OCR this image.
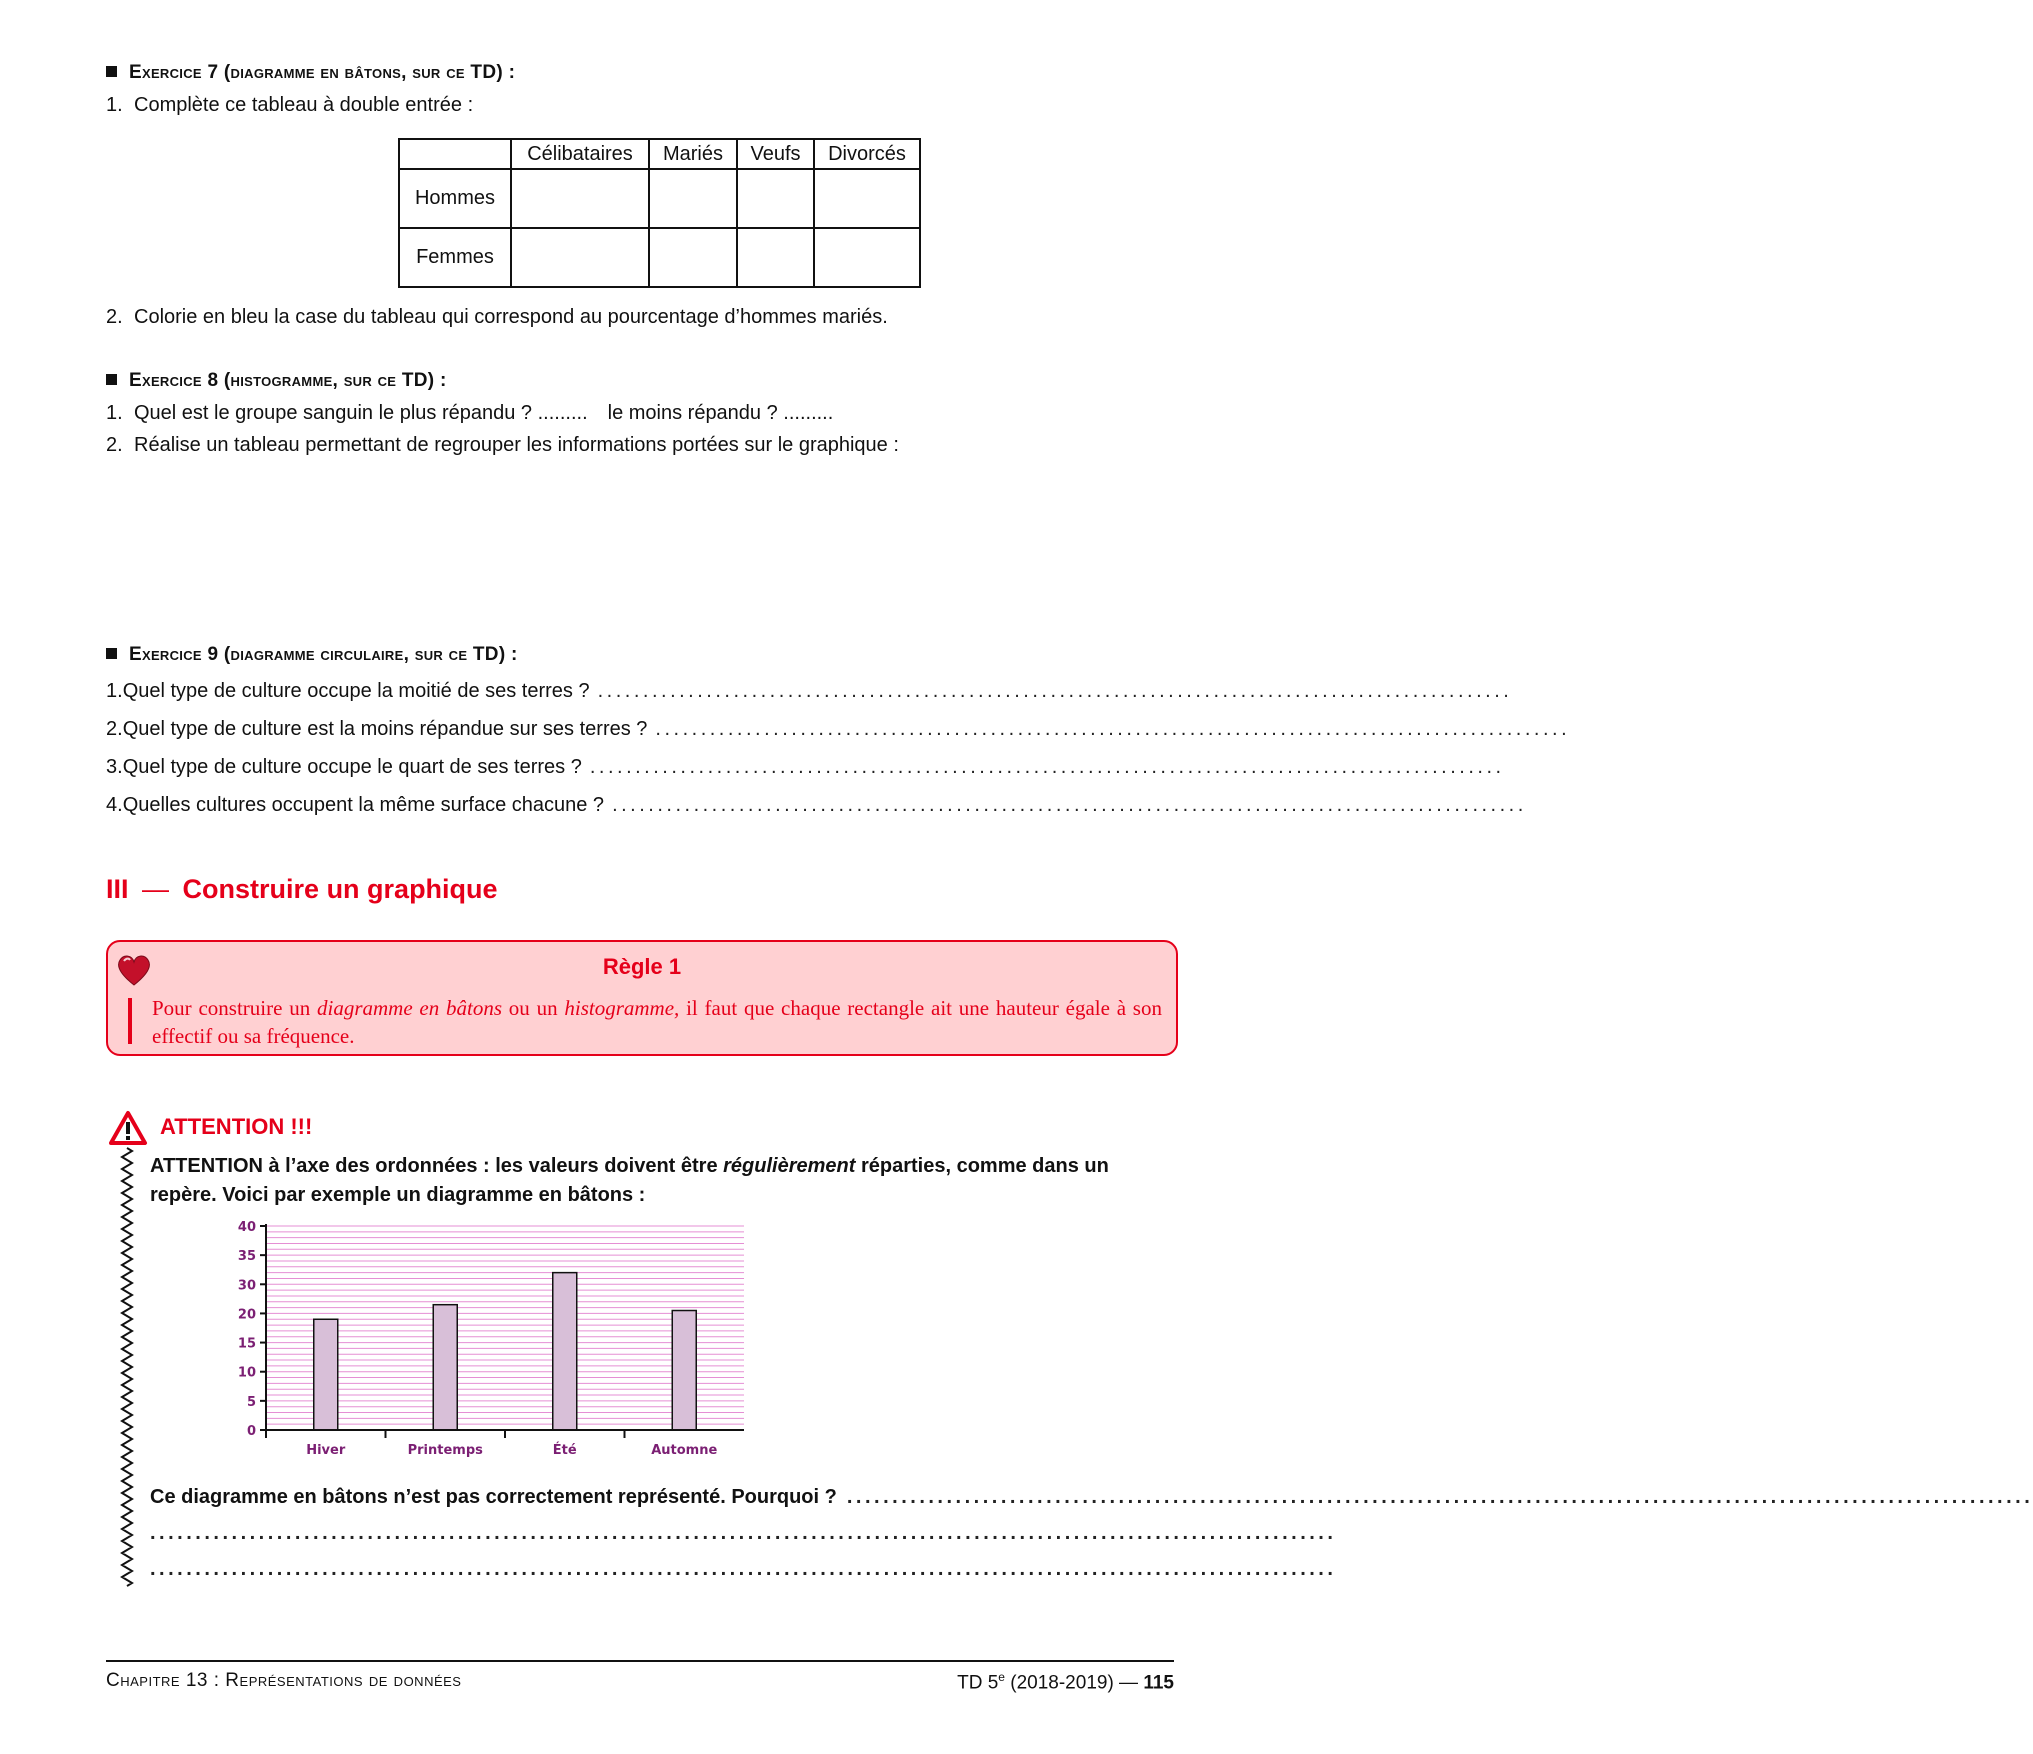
Exercice 7 (diagramme en bâtons, sur ce TD) :
1. Complète ce tableau à double entrée :
	Célibataires	Mariés	Veufs	Divorcés
Hommes				
Femmes				
2. Colorie en bleu la case du tableau qui correspond au pourcentage d’hommes mariés.
Exercice 8 (histogramme, sur ce TD) :
1. Quel est le groupe sanguin le plus répandu ? ......... le moins répandu ? .........
2. Réalise un tableau permettant de regrouper les informations portées sur le graphique :
Exercice 9 (diagramme circulaire, sur ce TD) :
1. Quel type de culture occupe la moitié de ses terres ? .....................................................................................................
2. Quel type de culture est la moins répandue sur ses terres ? .....................................................................................................
3. Quel type de culture occupe le quart de ses terres ? .....................................................................................................
4. Quelles cultures occupent la même surface chacune ? .....................................................................................................
III — Construire un graphique
Règle 1
Pour construire un diagramme en bâtons ou un histogramme, il faut que chaque rectangle ait une hauteur égale à son effectif ou sa fréquence.
ATTENTION !!!
ATTENTION à l’axe des ordonnées : les valeurs doivent être régulièrement réparties, comme dans un repère. Voici par exemple un diagramme en bâtons :
0
5
10
15
20
30
35
40
Hiver	Printemps	Été	Automne
Ce diagramme en bâtons n’est pas correctement représenté. Pourquoi ? ...................................................................................................................................
...................................................................................................................................
...................................................................................................................................
Chapitre 13 : Représentations de données	TD 5e (2018-2019) — 115
